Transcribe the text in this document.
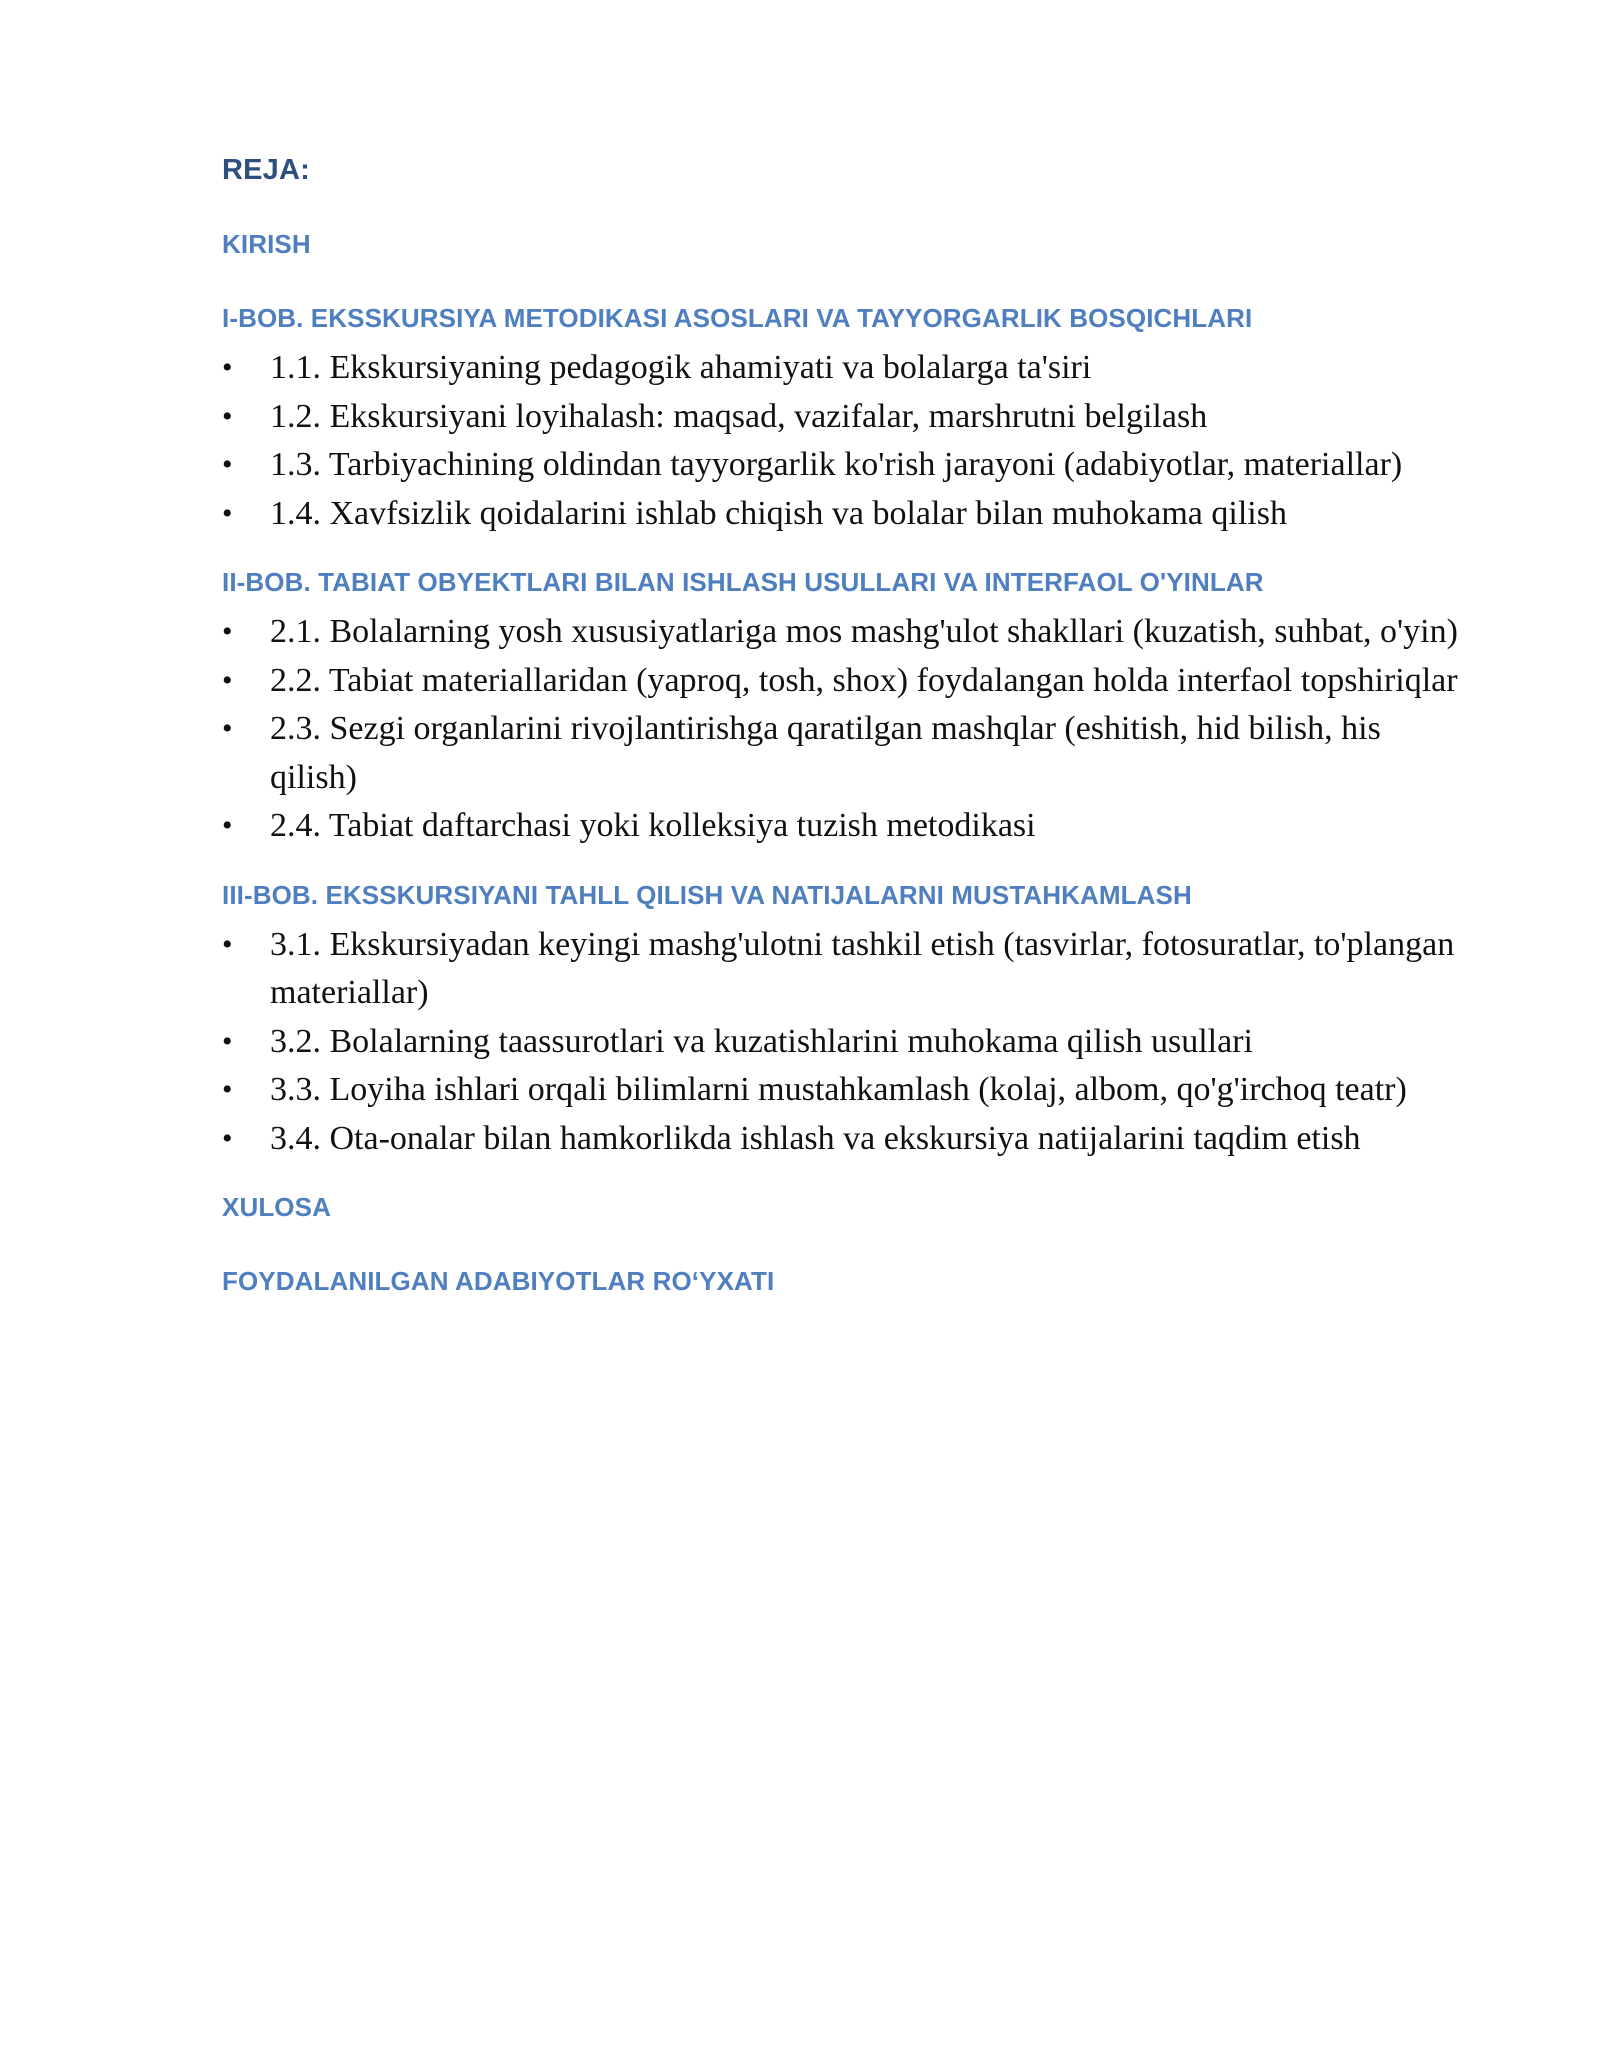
REJA:
KIRISH
I-BOB. EKSSKURSIYA METODIKASI ASOSLARI VA TAYYORGARLIK BOSQICHLARI
• 1.1. Ekskursiyaning pedagogik ahamiyati va bolalarga ta'siri
• 1.2. Ekskursiyani loyihalash: maqsad, vazifalar, marshrutni belgilash
• 1.3. Tarbiyachining oldindan tayyorgarlik ko'rish jarayoni (adabiyotlar, materiallar)
• 1.4. Xavfsizlik qoidalarini ishlab chiqish va bolalar bilan muhokama qilish
II-BOB. TABIAT OBYEKTLARI BILAN ISHLASH USULLARI VA INTERFAOL O'YINLAR
• 2.1. Bolalarning yosh xususiyatlariga mos mashg'ulot shakllari (kuzatish, suhbat, o'yin)
• 2.2. Tabiat materiallaridan (yaproq, tosh, shox) foydalangan holda interfaol topshiriqlar
• 2.3. Sezgi organlarini rivojlantirishga qaratilgan mashqlar (eshitish, hid bilish, his qilish)
• 2.4. Tabiat daftarchasi yoki kolleksiya tuzish metodikasi
III-BOB. EKSSKURSIYANI TAHLL QILISH VA NATIJALARNI MUSTAHKAMLASH
• 3.1. Ekskursiyadan keyingi mashg'ulotni tashkil etish (tasvirlar, fotosuratlar, to'plangan materiallar)
• 3.2. Bolalarning taassurotlari va kuzatishlarini muhokama qilish usullari
• 3.3. Loyiha ishlari orqali bilimlarni mustahkamlash (kolaj, albom, qo'g'irchoq teatr)
• 3.4. Ota-onalar bilan hamkorlikda ishlash va ekskursiya natijalarini taqdim etish
XULOSA
FOYDALANILGAN ADABIYOTLAR RO‘YXATI
